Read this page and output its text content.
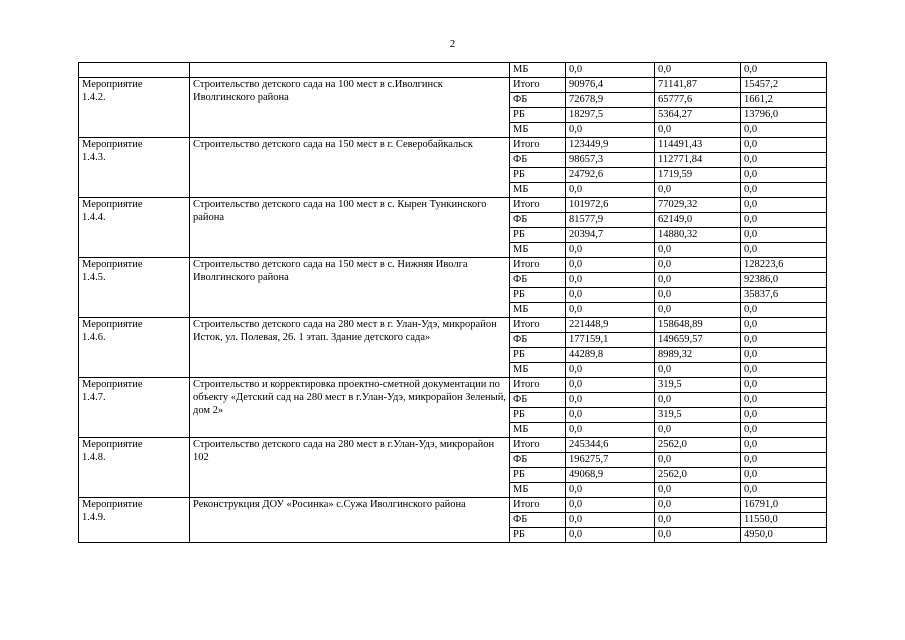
2
		МБ	0,0	0,0	0,0

Мероприятие
1.4.2.	Строительство детского сада на 100 мест в с.Иволгинск Иволгинского района	Итого	90976,4	71141,87	15457,2
		ФБ	72678,9	65777,6	1661,2
		РБ	18297,5	5364,27	13796,0
		МБ	0,0	0,0	0,0

Мероприятие
1.4.3.	Строительство детского сада на 150 мест в г. Северобайкальск	Итого	123449,9	114491,43	0,0
		ФБ	98657,3	112771,84	0,0
		РБ	24792,6	1719,59	0,0
		МБ	0,0	0,0	0,0

Мероприятие
1.4.4.	Строительство детского сада на 100 мест в с. Кырен Тункинского района	Итого	101972,6	77029,32	0,0
		ФБ	81577,9	62149,0	0,0
		РБ	20394,7	14880,32	0,0
		МБ	0,0	0,0	0,0

Мероприятие
1.4.5.	Строительство детского сада на 150 мест в с. Нижняя Иволга Иволгинского района	Итого	0,0	0,0	128223,6
		ФБ	0,0	0,0	92386,0
		РБ	0,0	0,0	35837,6
		МБ	0,0	0,0	0,0

Мероприятие
1.4.6.	Строительство детского сада на 280 мест в г. Улан-Удэ, микрорайон Исток, ул. Полевая, 26. 1 этап. Здание детского сада»	Итого	221448,9	158648,89	0,0
		ФБ	177159,1	149659,57	0,0
		РБ	44289,8	8989,32	0,0
		МБ	0,0	0,0	0,0

Мероприятие
1.4.7.	Строительство и корректировка проектно-сметной документации по объекту «Детский сад на 280 мест в г.Улан-Удэ, микрорайон Зеленый, дом 2»	Итого	0,0	319,5	0,0
		ФБ	0,0	0,0	0,0
		РБ	0,0	319,5	0,0
		МБ	0,0	0,0	0,0

Мероприятие
1.4.8.	Строительство детского сада на 280 мест в г.Улан-Удэ, микрорайон 102	Итого	245344,6	2562,0	0,0
		ФБ	196275,7	0,0	0,0
		РБ	49068,9	2562,0	0,0
		МБ	0,0	0,0	0,0

Мероприятие
1.4.9.	Реконструкция ДОУ «Росинка» с.Сужа Иволгинского района	Итого	0,0	0,0	16791,0
		ФБ	0,0	0,0	11550,0
		РБ	0,0	0,0	4950,0
